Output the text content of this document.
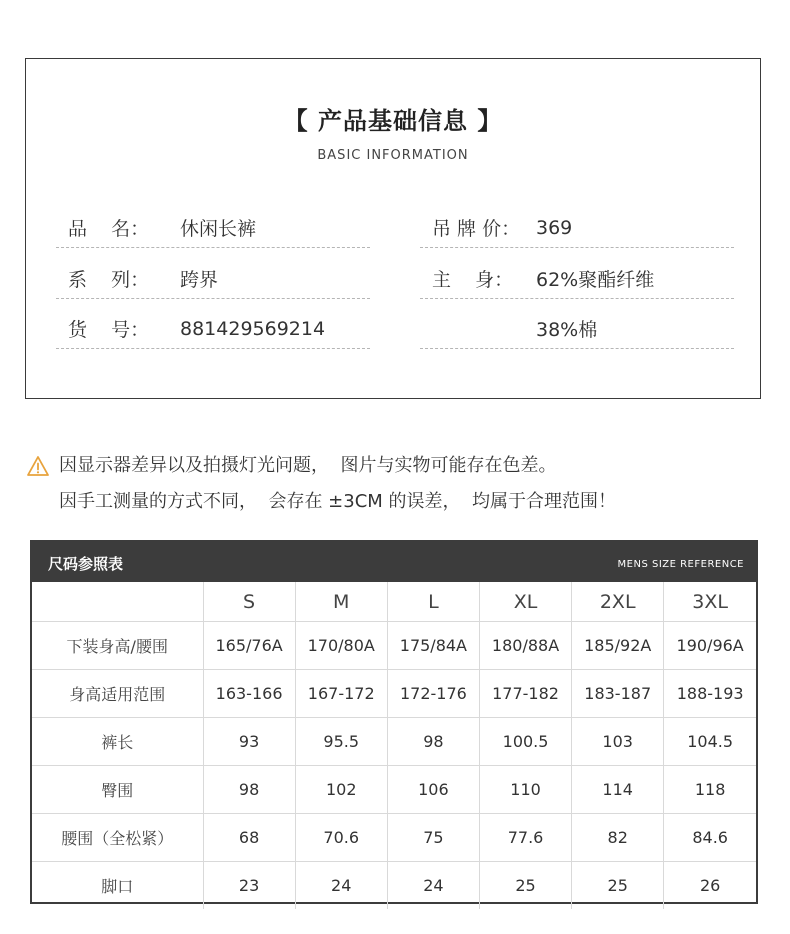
【 产品基础信息 】
BASIC INFORMATION
品    名：	休闲长裤
系    列：	跨界
货    号：	881429569214
吊 牌 价： 369
主    身：	62%聚酯纤维
38%棉
因显示器差异以及拍摄灯光问题，  图片与实物可能存在色差。
因手工测量的方式不同，  会存在 ±3CM 的误差，  均属于合理范围！
尺码参照表	MENS SIZE REFERENCE
	S	M	L	XL	2XL	3XL
下装身高/腰围	165/76A	170/80A	175/84A	180/88A	185/92A	190/96A
身高适用范围	163-166	167-172	172-176	177-182	183-187	188-193
裤长	93	95.5	98	100.5	103	104.5
臀围	98	102	106	110	114	118
腰围（全松紧）	68	70.6	75	77.6	82	84.6
脚口	23	24	24	25	25	26
